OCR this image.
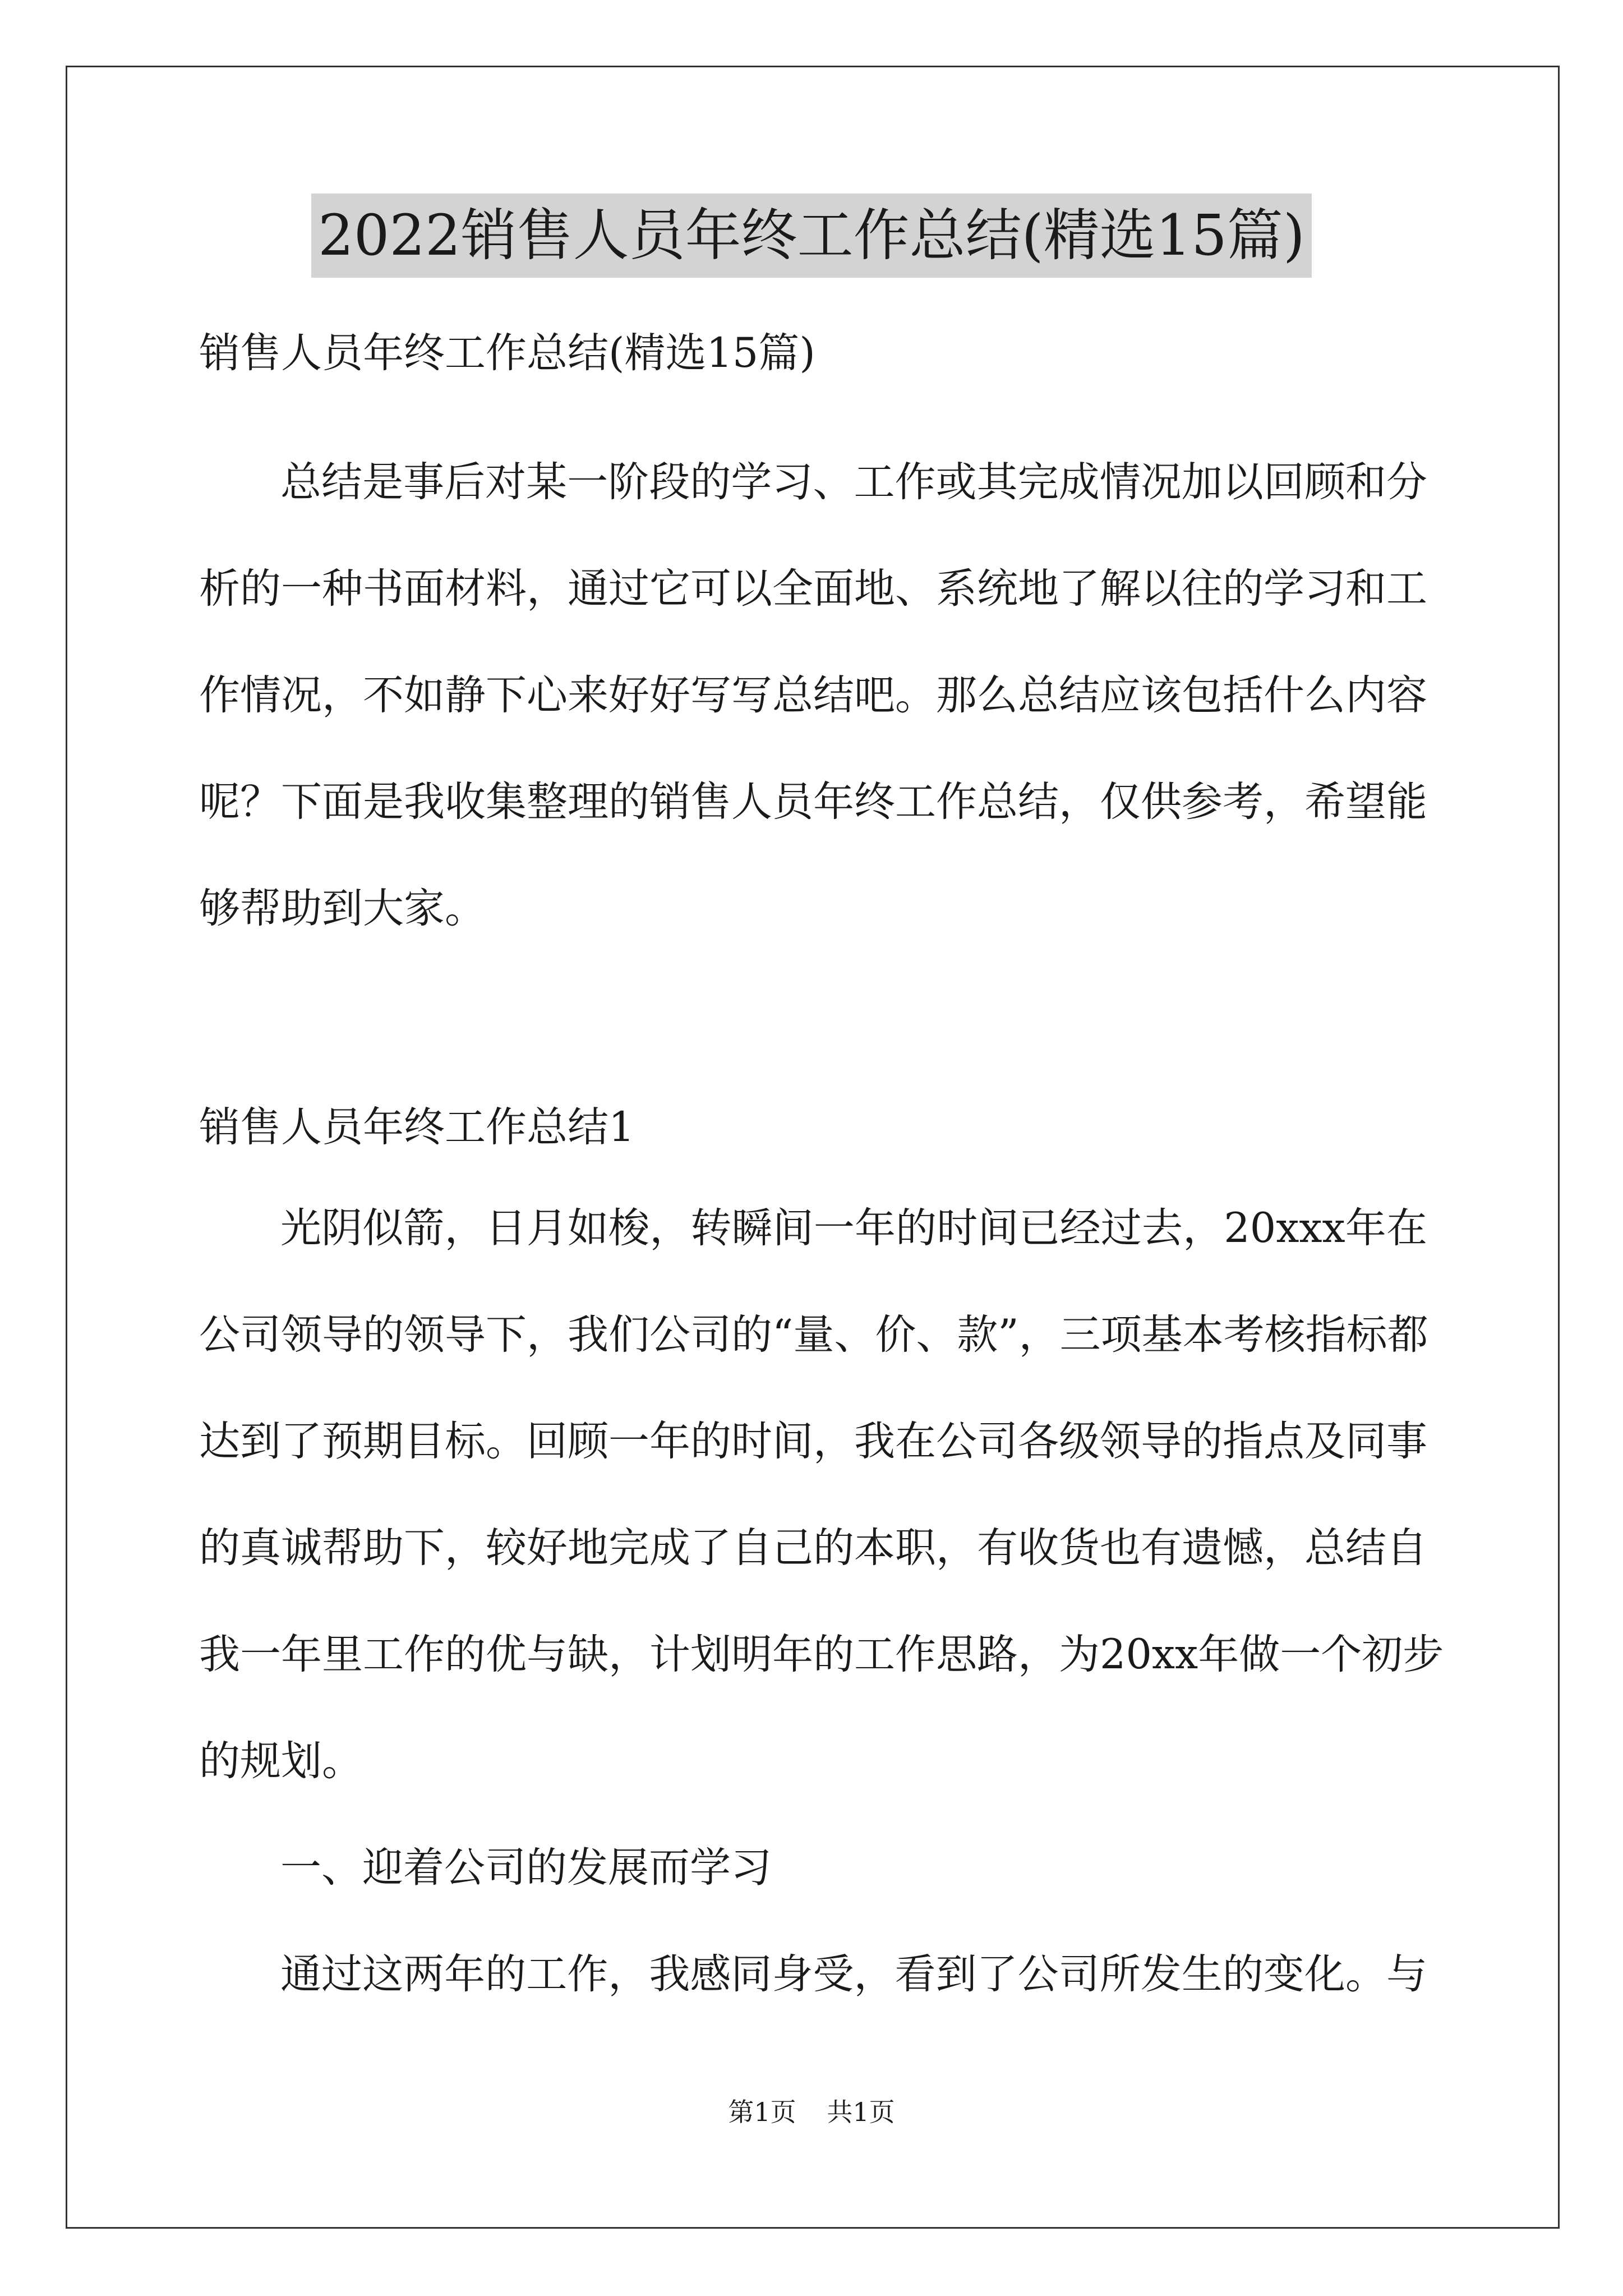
2022销售人员年终工作总结(精选15篇)

销售人员年终工作总结(精选15篇)

总结是事后对某一阶段的学习、工作或其完成情况加以回顾和分

析的一种书面材料，通过它可以全面地、系统地了解以往的学习和工

作情况，不如静下心来好好写写总结吧。那么总结应该包括什么内容

呢？下面是我收集整理的销售人员年终工作总结，仅供参考，希望能

够帮助到大家。

销售人员年终工作总结1

光阴似箭，日月如梭，转瞬间一年的时间已经过去，20xxx年在

公司领导的领导下，我们公司的“量、价、款”，三项基本考核指标都

达到了预期目标。回顾一年的时间，我在公司各级领导的指点及同事

的真诚帮助下，较好地完成了自己的本职，有收货也有遗憾，总结自

我一年里工作的优与缺，计划明年的工作思路，为20xx年做一个初步

的规划。

一、迎着公司的发展而学习

通过这两年的工作，我感同身受，看到了公司所发生的变化。与

第1页 共1页
